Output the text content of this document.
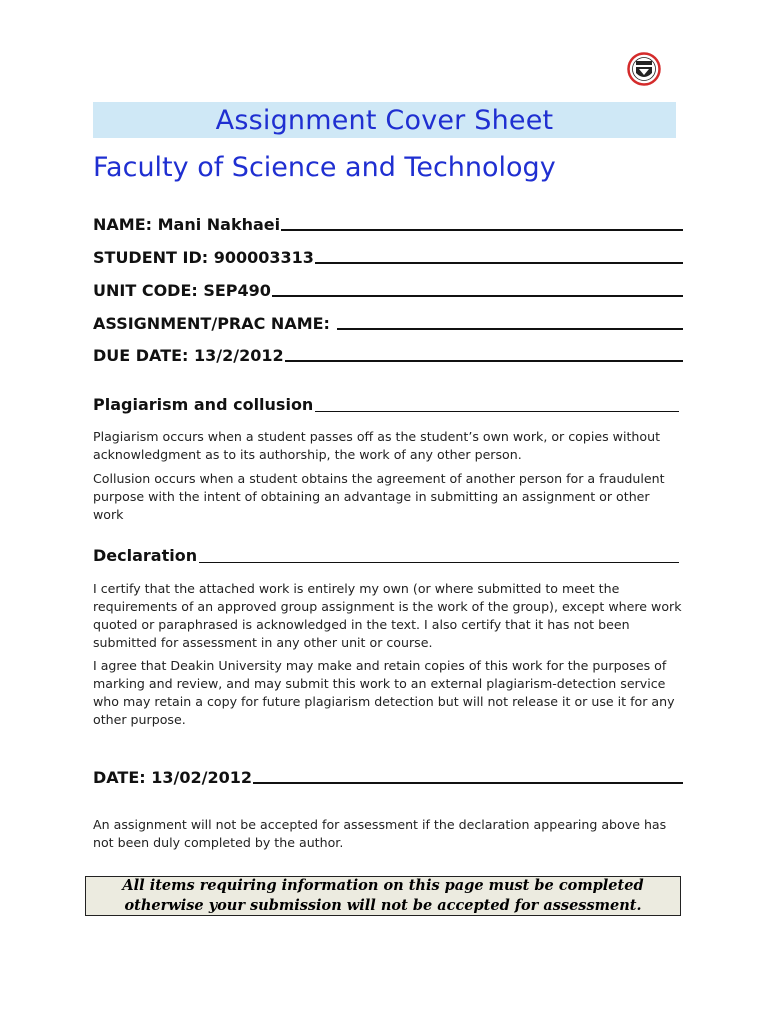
Assignment Cover Sheet
Faculty of Science and Technology
NAME: Mani Nakhaei
STUDENT ID: 900003313
UNIT CODE: SEP490
ASSIGNMENT/PRAC NAME:
DUE DATE: 13/2/2012
Plagiarism and collusion
Plagiarism occurs when a student passes off as the student’s own work, or copies without acknowledgment as to its authorship, the work of any other person.
Collusion occurs when a student obtains the agreement of another person for a fraudulent purpose with the intent of obtaining an advantage in submitting an assignment or other work
Declaration
I certify that the attached work is entirely my own (or where submitted to meet the requirements of an approved group assignment is the work of the group), except where work quoted or paraphrased is acknowledged in the text. I also certify that it has not been submitted for assessment in any other unit or course.
I agree that Deakin University may make and retain copies of this work for the purposes of marking and review, and may submit this work to an external plagiarism-detection service who may retain a copy for future plagiarism detection but will not release it or use it for any other purpose.
DATE: 13/02/2012
An assignment will not be accepted for assessment if the declaration appearing above has not been duly completed by the author.
All items requiring information on this page must be completed
otherwise your submission will not be accepted for assessment.
